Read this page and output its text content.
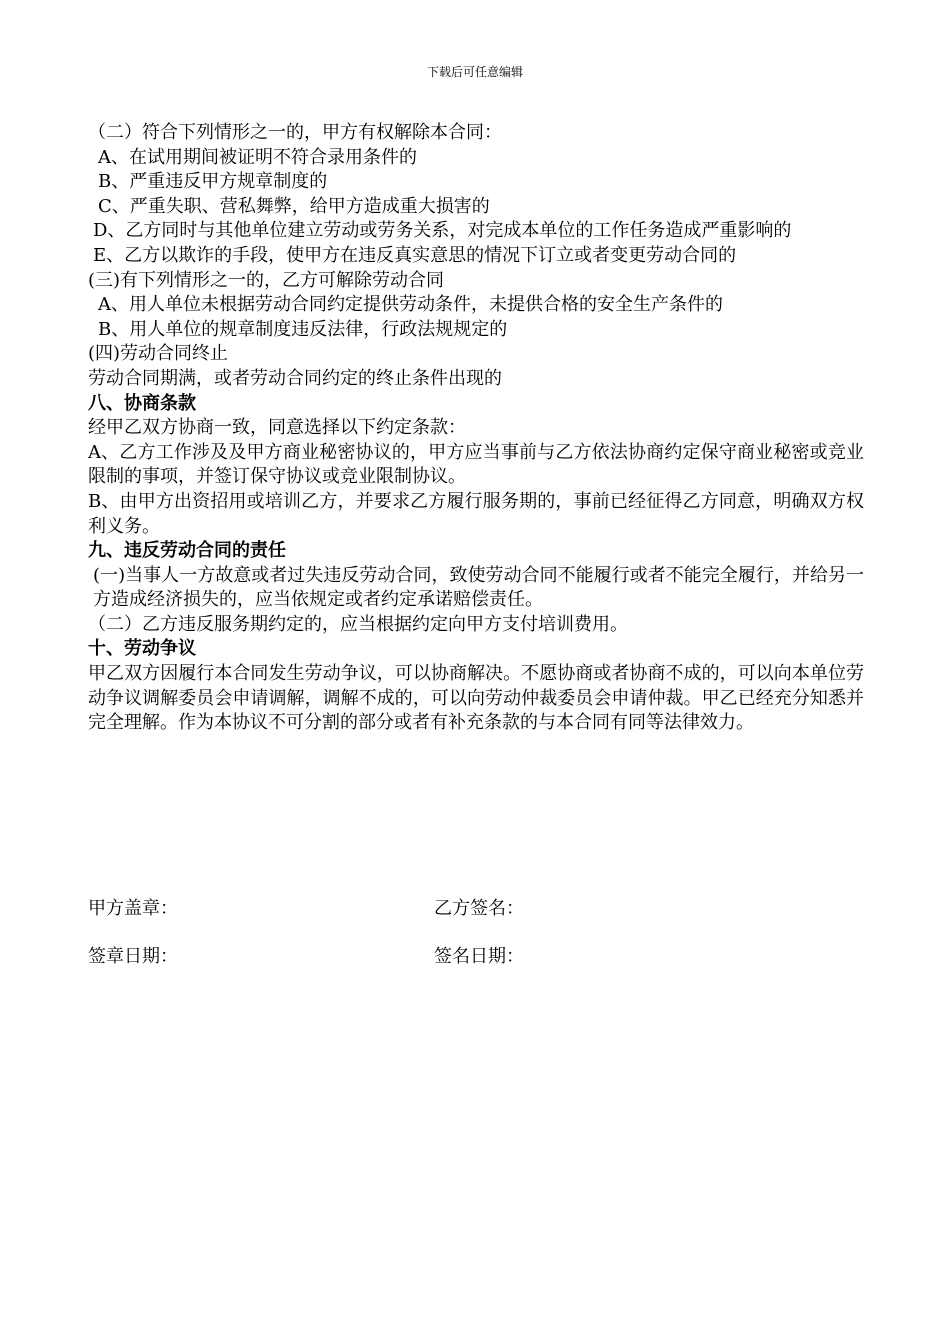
下载后可任意编辑

（二）符合下列情形之一的，甲方有权解除本合同：

A、在试用期间被证明不符合录用条件的

B、严重违反甲方规章制度的

C、严重失职、营私舞弊，给甲方造成重大损害的

D、乙方同时与其他单位建立劳动或劳务关系，对完成本单位的工作任务造成严重影响的

E、乙方以欺诈的手段，使甲方在违反真实意思的情况下订立或者变更劳动合同的

(三)有下列情形之一的，乙方可解除劳动合同

A、用人单位未根据劳动合同约定提供劳动条件，未提供合格的安全生产条件的

B、用人单位的规章制度违反法律，行政法规规定的

(四)劳动合同终止

劳动合同期满，或者劳动合同约定的终止条件出现的

八、协商条款

经甲乙双方协商一致，同意选择以下约定条款：

A、乙方工作涉及及甲方商业秘密协议的，甲方应当事前与乙方依法协商约定保守商业秘密或竞业限制的事项，并签订保守协议或竞业限制协议。

B、由甲方出资招用或培训乙方，并要求乙方履行服务期的，事前已经征得乙方同意，明确双方权利义务。

九、违反劳动合同的责任

(一)当事人一方故意或者过失违反劳动合同，致使劳动合同不能履行或者不能完全履行，并给另一方造成经济损失的，应当依规定或者约定承诺赔偿责任。

（二）乙方违反服务期约定的，应当根据约定向甲方支付培训费用。

十、劳动争议

甲乙双方因履行本合同发生劳动争议，可以协商解决。不愿协商或者协商不成的，可以向本单位劳动争议调解委员会申请调解，调解不成的，可以向劳动仲裁委员会申请仲裁。甲乙已经充分知悉并完全理解。作为本协议不可分割的部分或者有补充条款的与本合同有同等法律效力。

甲方盖章：	乙方签名：
签章日期：	签名日期：
